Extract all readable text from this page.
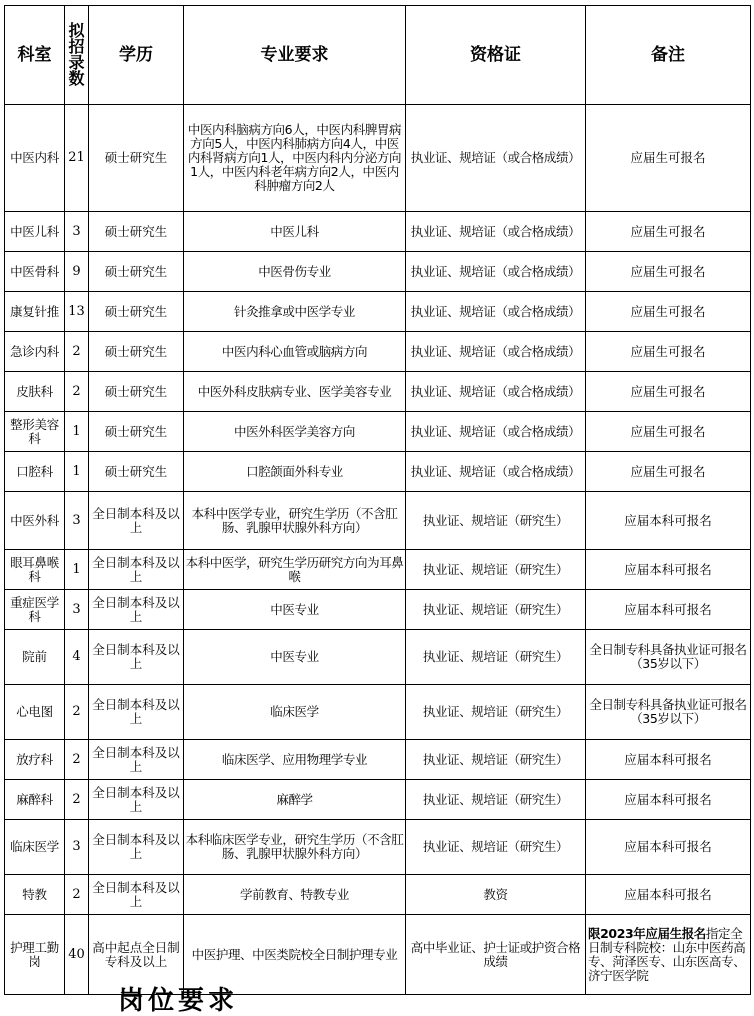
科室	拟招录数	学历	专业要求	资格证	备注
中医内科	21	硕士研究生	中医内科脑病方向6人，中医内科脾胃病方向5人，中医内科肺病方向4人，中医内科肾病方向1人，中医内科内分泌方向1人，中医内科老年病方向2人，中医内科肿瘤方向2人	执业证、规培证（或合格成绩）	应届生可报名
中医儿科	3	硕士研究生	中医儿科	执业证、规培证（或合格成绩）	应届生可报名
中医骨科	9	硕士研究生	中医骨伤专业	执业证、规培证（或合格成绩）	应届生可报名
康复针推	13	硕士研究生	针灸推拿或中医学专业	执业证、规培证（或合格成绩）	应届生可报名
急诊内科	2	硕士研究生	中医内科心血管或脑病方向	执业证、规培证（或合格成绩）	应届生可报名
皮肤科	2	硕士研究生	中医外科皮肤病专业、医学美容专业	执业证、规培证（或合格成绩）	应届生可报名
整形美容科	1	硕士研究生	中医外科医学美容方向	执业证、规培证（或合格成绩）	应届生可报名
口腔科	1	硕士研究生	口腔颌面外科专业	执业证、规培证（或合格成绩）	应届生可报名
中医外科	3	全日制本科及以上	本科中医学专业，研究生学历（不含肛肠、乳腺甲状腺外科方向）	执业证、规培证（研究生）	应届本科可报名
眼耳鼻喉科	1	全日制本科及以上	本科中医学，研究生学历研究方向为耳鼻喉	执业证、规培证（研究生）	应届本科可报名
重症医学科	3	全日制本科及以上	中医专业	执业证、规培证（研究生）	应届本科可报名
院前	4	全日制本科及以上	中医专业	执业证、规培证（研究生）	全日制专科具备执业证可报名（35岁以下）
心电图	2	全日制本科及以上	临床医学	执业证、规培证（研究生）	全日制专科具备执业证可报名（35岁以下）
放疗科	2	全日制本科及以上	临床医学、应用物理学专业	执业证、规培证（研究生）	应届本科可报名
麻醉科	2	全日制本科及以上	麻醉学	执业证、规培证（研究生）	应届本科可报名
临床医学	3	全日制本科及以上	本科临床医学专业，研究生学历（不含肛肠、乳腺甲状腺外科方向）	执业证、规培证（研究生）	应届本科可报名
特教	2	全日制本科及以上	学前教育、特教专业	教资	应届本科可报名
护理工勤岗	40	高中起点全日制专科及以上	中医护理、中医类院校全日制护理专业	高中毕业证、护士证或护资合格成绩	限2023年应届生报名指定全日制专科院校：山东中医药高专、菏泽医专、山东医高专、济宁医学院
岗位要求
